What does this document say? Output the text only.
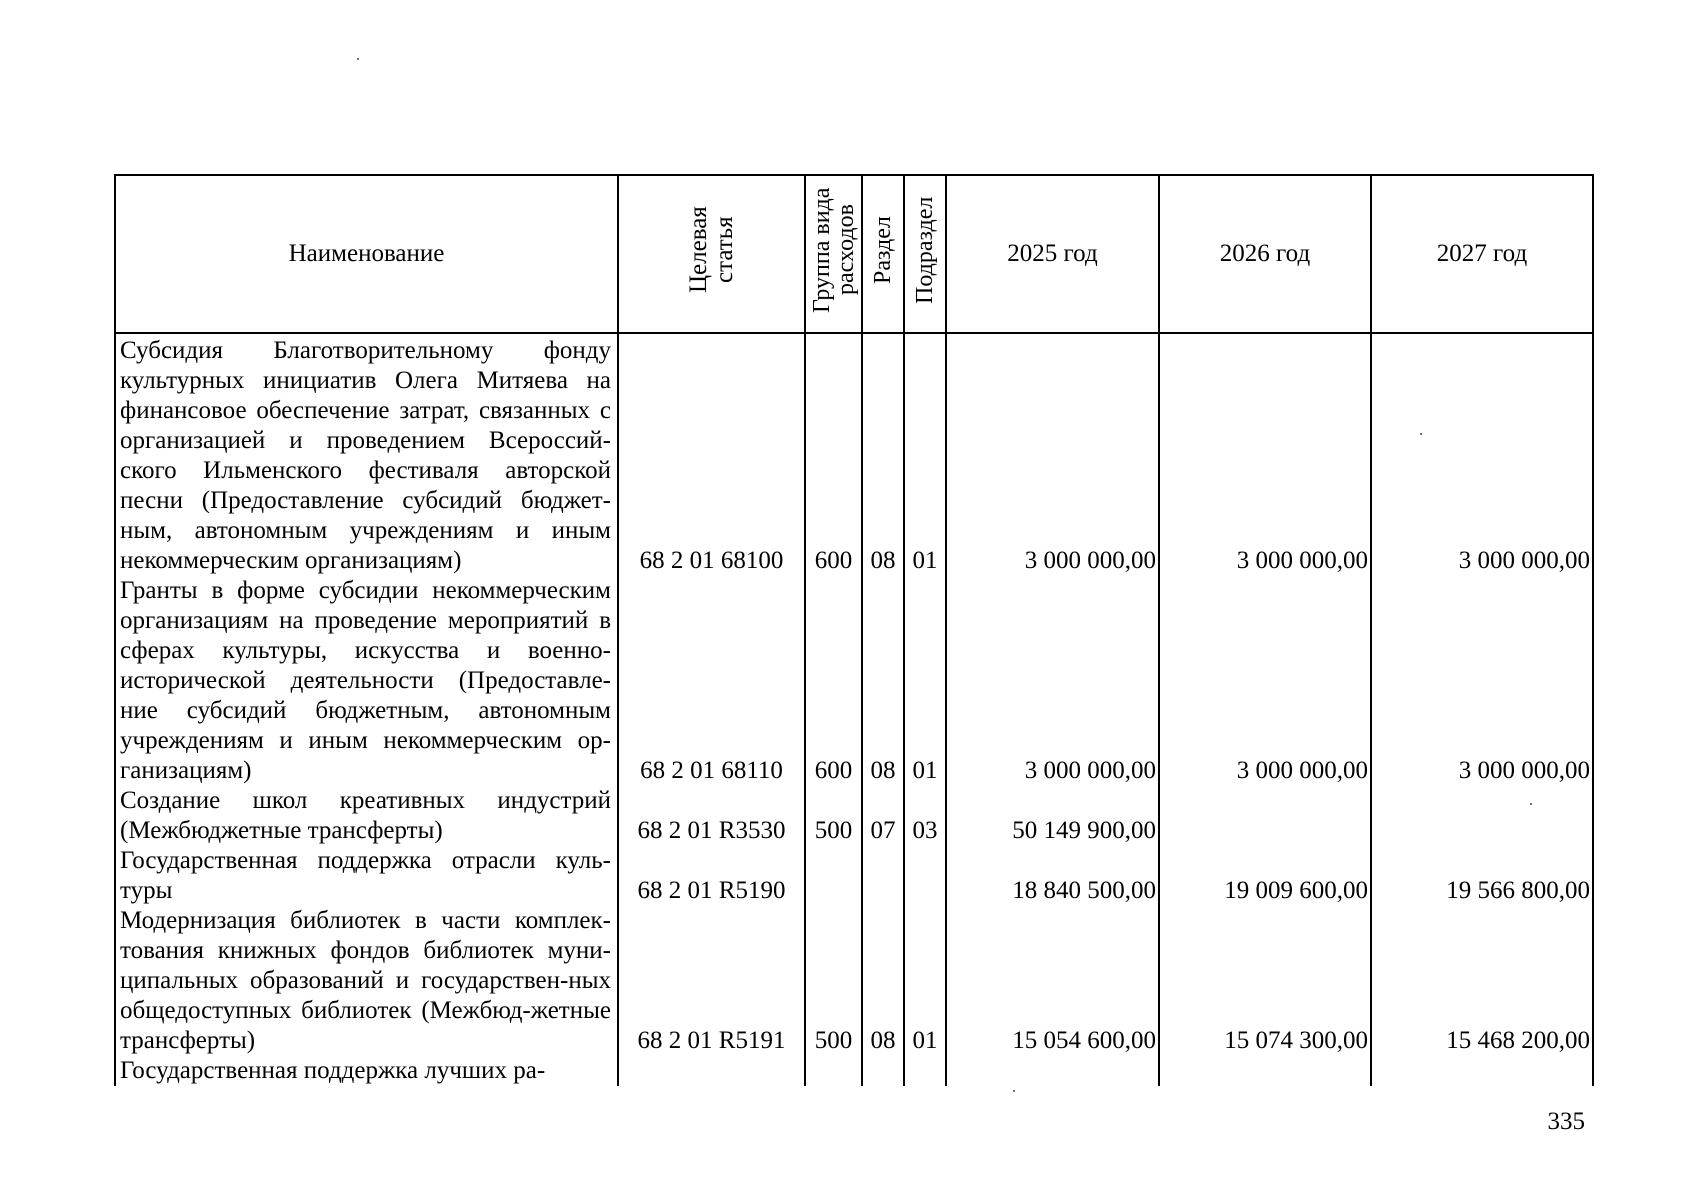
Наименование	Целевая статья	Группа вида расходов	Раздел	Подраздел	2025 год	2026 год	2027 год
Субсидия Благотворительному фонду культурных инициатив Олега Митяева на финансовое обеспечение затрат, связанных с организацией и проведением Всероссий-ского Ильменского фестиваля авторской песни (Предоставление субсидий бюджет-ным, автономным учреждениям и иным некоммерческим организациям)	68 2 01 68100	600	08	01	3 000 000,00	3 000 000,00	3 000 000,00
Гранты в форме субсидии некоммерческим организациям на проведение мероприятий в сферах культуры, искусства и военно-исторической деятельности (Предоставле-ние субсидий бюджетным, автономным учреждениям и иным некоммерческим ор-ганизациям)	68 2 01 68110	600	08	01	3 000 000,00	3 000 000,00	3 000 000,00
Создание школ креативных индустрий (Межбюджетные трансферты)	68 2 01 R3530	500	07	03	50 149 900,00		
Государственная поддержка отрасли куль-туры	68 2 01 R5190				18 840 500,00	19 009 600,00	19 566 800,00
Модернизация библиотек в части комплек-тования книжных фондов библиотек муни-ципальных образований и государствен-ных общедоступных библиотек (Межбюд-жетные трансферты)	68 2 01 R5191	500	08	01	15 054 600,00	15 074 300,00	15 468 200,00
Государственная поддержка лучших ра-							
335
